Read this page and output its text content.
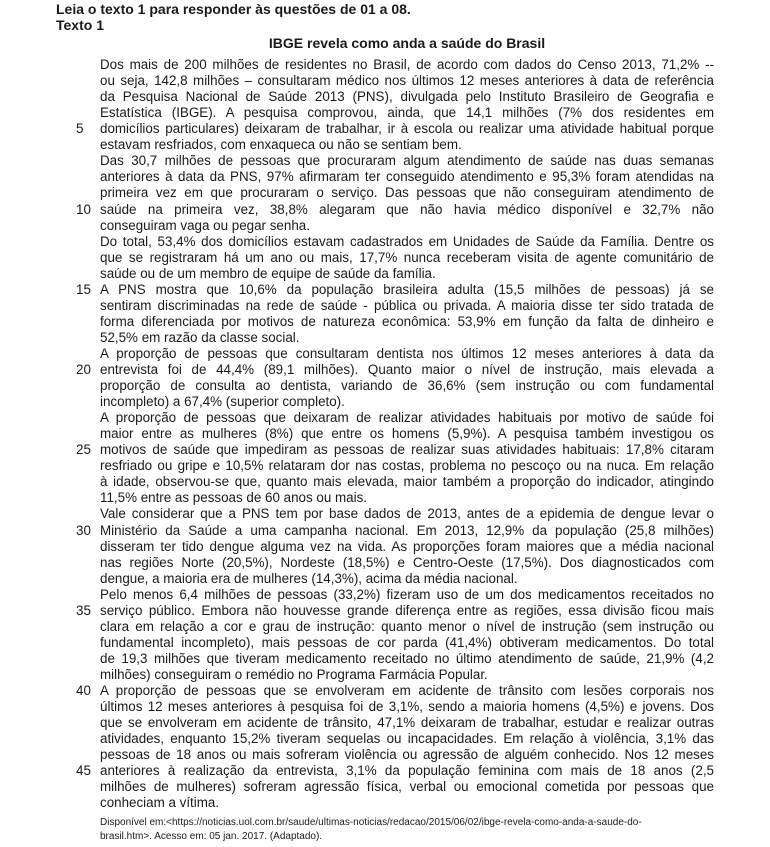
Leia o texto 1 para responder às questões de 01 a 08.
Texto 1
IBGE revela como anda a saúde do Brasil
Dos mais de 200 milhões de residentes no Brasil, de acordo com dados do Censo 2013, 71,2% --
ou seja, 142,8 milhões – consultaram médico nos últimos 12 meses anteriores à data de referência
da Pesquisa Nacional de Saúde 2013 (PNS), divulgada pelo Instituto Brasileiro de Geografia e
Estatística (IBGE). A pesquisa comprovou, ainda, que 14,1 milhões (7% dos residentes em
domicílios particulares) deixaram de trabalhar, ir à escola ou realizar uma atividade habitual porque
estavam resfriados, com enxaqueca ou não se sentiam bem.
Das 30,7 milhões de pessoas que procuraram algum atendimento de saúde nas duas semanas
anteriores à data da PNS, 97% afirmaram ter conseguido atendimento e 95,3% foram atendidas na
primeira vez em que procuraram o serviço. Das pessoas que não conseguiram atendimento de
saúde na primeira vez, 38,8% alegaram que não havia médico disponível e 32,7% não
conseguiram vaga ou pegar senha.
Do total, 53,4% dos domicílios estavam cadastrados em Unidades de Saúde da Família. Dentre os
que se registraram há um ano ou mais, 17,7% nunca receberam visita de agente comunitário de
saúde ou de um membro de equipe de saúde da família.
A PNS mostra que 10,6% da população brasileira adulta (15,5 milhões de pessoas) já se
sentiram discriminadas na rede de saúde - pública ou privada. A maioria disse ter sido tratada de
forma diferenciada por motivos de natureza econômica: 53,9% em função da falta de dinheiro e
52,5% em razão da classe social.
A proporção de pessoas que consultaram dentista nos últimos 12 meses anteriores à data da
entrevista foi de 44,4% (89,1 milhões). Quanto maior o nível de instrução, mais elevada a
proporção de consulta ao dentista, variando de 36,6% (sem instrução ou com fundamental
incompleto) a 67,4% (superior completo).
A proporção de pessoas que deixaram de realizar atividades habituais por motivo de saúde foi
maior entre as mulheres (8%) que entre os homens (5,9%). A pesquisa também investigou os
motivos de saúde que impediram as pessoas de realizar suas atividades habituais: 17,8% citaram
resfriado ou gripe e 10,5% relataram dor nas costas, problema no pescoço ou na nuca. Em relação
à idade, observou-se que, quanto mais elevada, maior também a proporção do indicador, atingindo
11,5% entre as pessoas de 60 anos ou mais.
Vale considerar que a PNS tem por base dados de 2013, antes de a epidemia de dengue levar o
Ministério da Saúde a uma campanha nacional. Em 2013, 12,9% da população (25,8 milhões)
disseram ter tido dengue alguma vez na vida. As proporções foram maiores que a média nacional
nas regiões Norte (20,5%), Nordeste (18,5%) e Centro-Oeste (17,5%). Dos diagnosticados com
dengue, a maioria era de mulheres (14,3%), acima da média nacional.
Pelo menos 6,4 milhões de pessoas (33,2%) fizeram uso de um dos medicamentos receitados no
serviço público. Embora não houvesse grande diferença entre as regiões, essa divisão ficou mais
clara em relação a cor e grau de instrução: quanto menor o nível de instrução (sem instrução ou
fundamental incompleto), mais pessoas de cor parda (41,4%) obtiveram medicamentos. Do total
de 19,3 milhões que tiveram medicamento receitado no último atendimento de saúde, 21,9% (4,2
milhões) conseguiram o remédio no Programa Farmácia Popular.
A proporção de pessoas que se envolveram em acidente de trânsito com lesões corporais nos
últimos 12 meses anteriores à pesquisa foi de 3,1%, sendo a maioria homens (4,5%) e jovens. Dos
que se envolveram em acidente de trânsito, 47,1% deixaram de trabalhar, estudar e realizar outras
atividades, enquanto 15,2% tiveram sequelas ou incapacidades. Em relação à violência, 3,1% das
pessoas de 18 anos ou mais sofreram violência ou agressão de alguém conhecido. Nos 12 meses
anteriores à realização da entrevista, 3,1% da população feminina com mais de 18 anos (2,5
milhões de mulheres) sofreram agressão física, verbal ou emocional cometida por pessoas que
conheciam a vítima.
5
10
15
20
25
30
35
40
45
Disponível em:<https://noticias.uol.com.br/saude/ultimas-noticias/redacao/2015/06/02/ibge-revela-como-anda-a-saude-do-
brasil.htm>. Acesso em: 05 jan. 2017. (Adaptado).
